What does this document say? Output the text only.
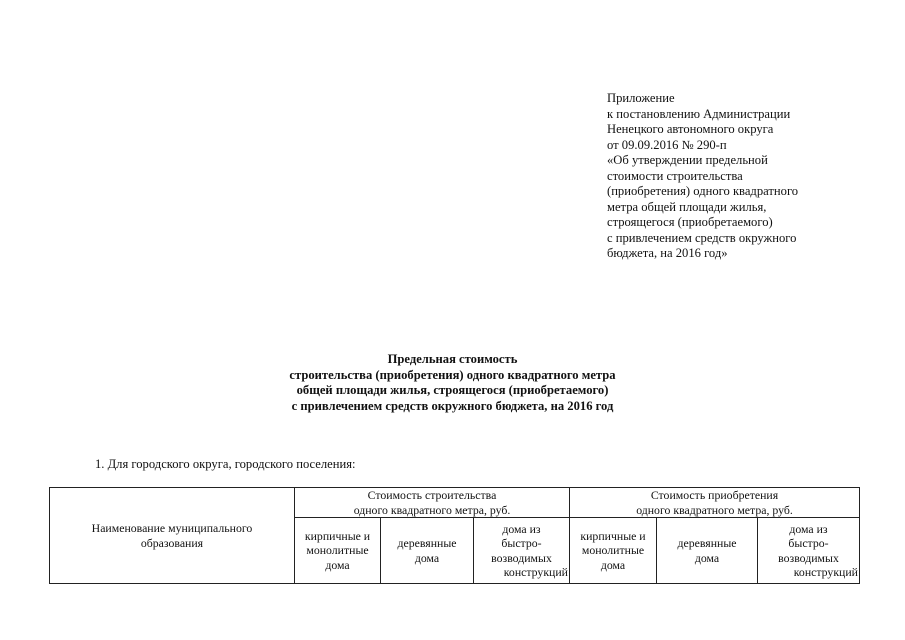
Приложение
к постановлению Администрации
Ненецкого автономного округа
от 09.09.2016 № 290-п
«Об утверждении предельной
стоимости строительства
(приобретения) одного квадратного
метра общей площади жилья,
строящегося (приобретаемого)
с привлечением средств окружного
бюджета, на 2016 год»
Предельная стоимость
строительства (приобретения) одного квадратного метра
общей площади жилья, строящегося (приобретаемого)
с привлечением средств окружного бюджета, на 2016 год
1. Для городского округа, городского поселения:
Наименование муниципального
образования	Стоимость строительства
одного квадратного метра, руб.			Стоимость приобретения
одного квадратного метра, руб.		

	кирпичные и
монолитные
дома	деревянные
дома	дома из
быстро-
возводимых
конструкций	кирпичные и
монолитные
дома	деревянные
дома	дома из
быстро-
возводимых
конструкций
